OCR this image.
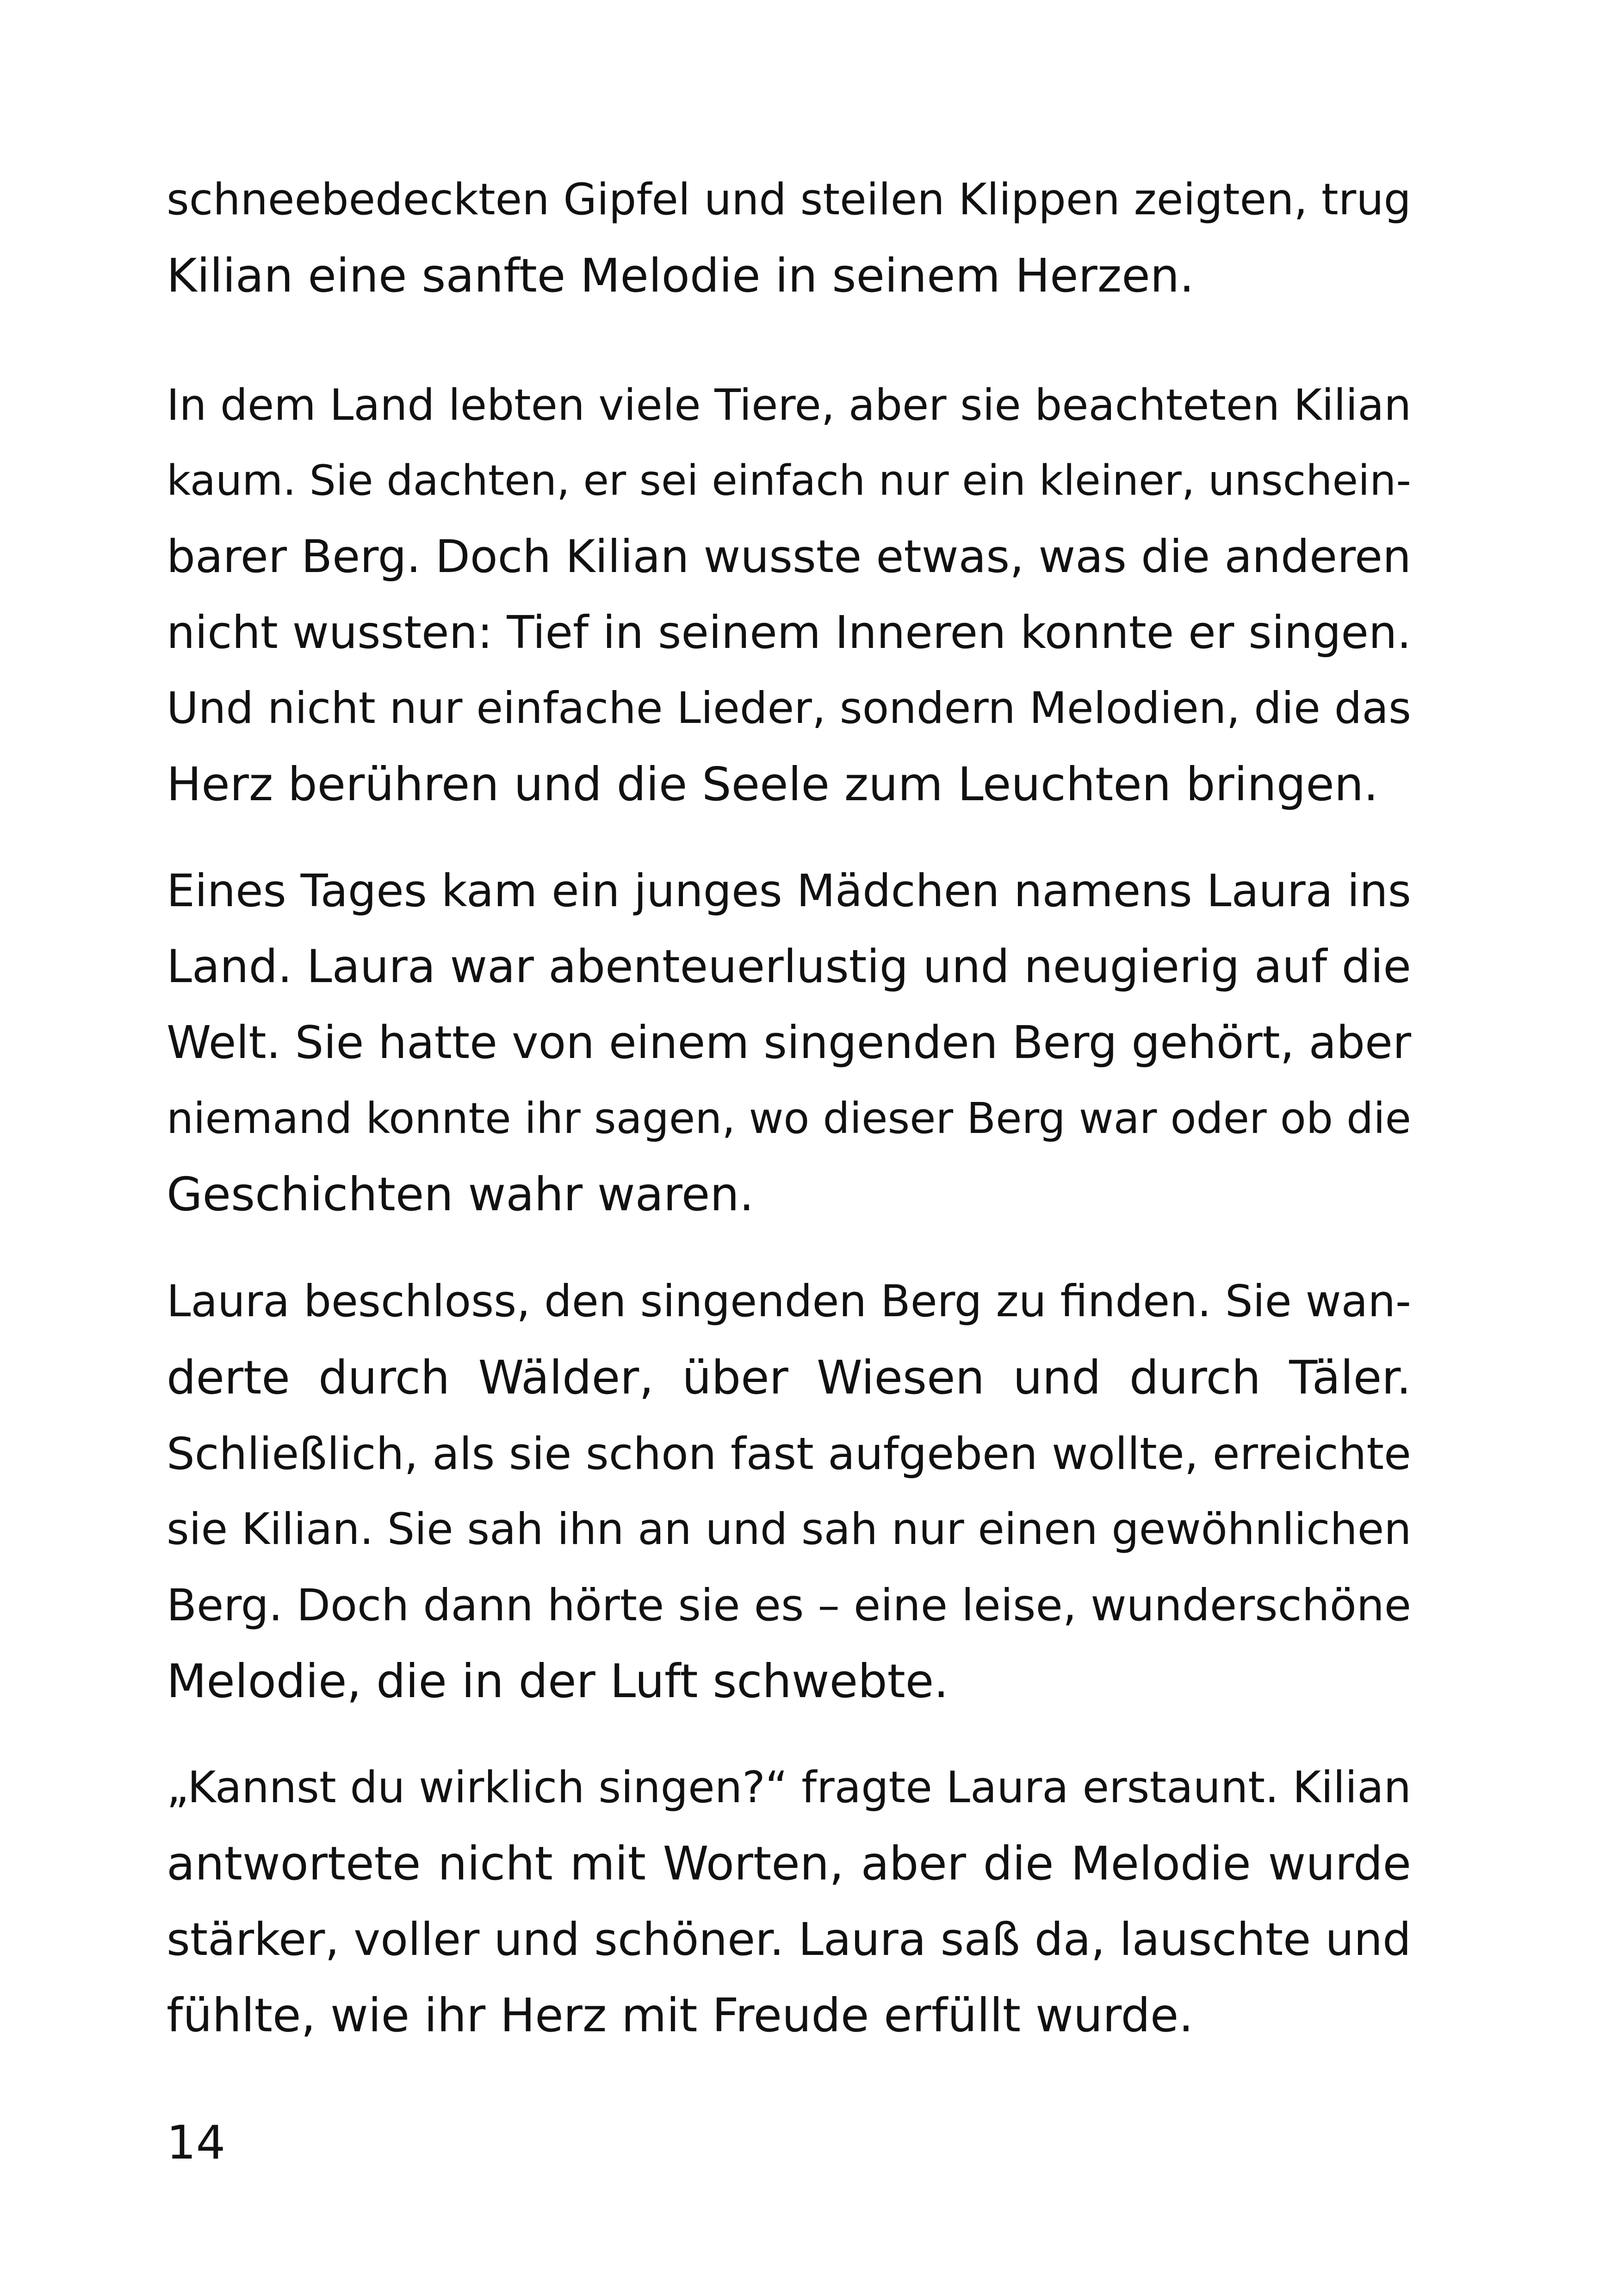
schneebedeckten Gipfel und steilen Klippen zeigten, trug
Kilian eine sanfte Melodie in seinem Herzen.
In dem Land lebten viele Tiere, aber sie beachteten Kilian
kaum. Sie dachten, er sei einfach nur ein kleiner, unschein-
barer Berg. Doch Kilian wusste etwas, was die anderen
nicht wussten: Tief in seinem Inneren konnte er singen.
Und nicht nur einfache Lieder, sondern Melodien, die das
Herz berühren und die Seele zum Leuchten bringen.
Eines Tages kam ein junges Mädchen namens Laura ins
Land. Laura war abenteuerlustig und neugierig auf die
Welt. Sie hatte von einem singenden Berg gehört, aber
niemand konnte ihr sagen, wo dieser Berg war oder ob die
Geschichten wahr waren.
Laura beschloss, den singenden Berg zu finden. Sie wan-
derte durch Wälder, über Wiesen und durch Täler.
Schließlich, als sie schon fast aufgeben wollte, erreichte
sie Kilian. Sie sah ihn an und sah nur einen gewöhnlichen
Berg. Doch dann hörte sie es – eine leise, wunderschöne
Melodie, die in der Luft schwebte.
„Kannst du wirklich singen?“ fragte Laura erstaunt. Kilian
antwortete nicht mit Worten, aber die Melodie wurde
stärker, voller und schöner. Laura saß da, lauschte und
fühlte, wie ihr Herz mit Freude erfüllt wurde.
14
